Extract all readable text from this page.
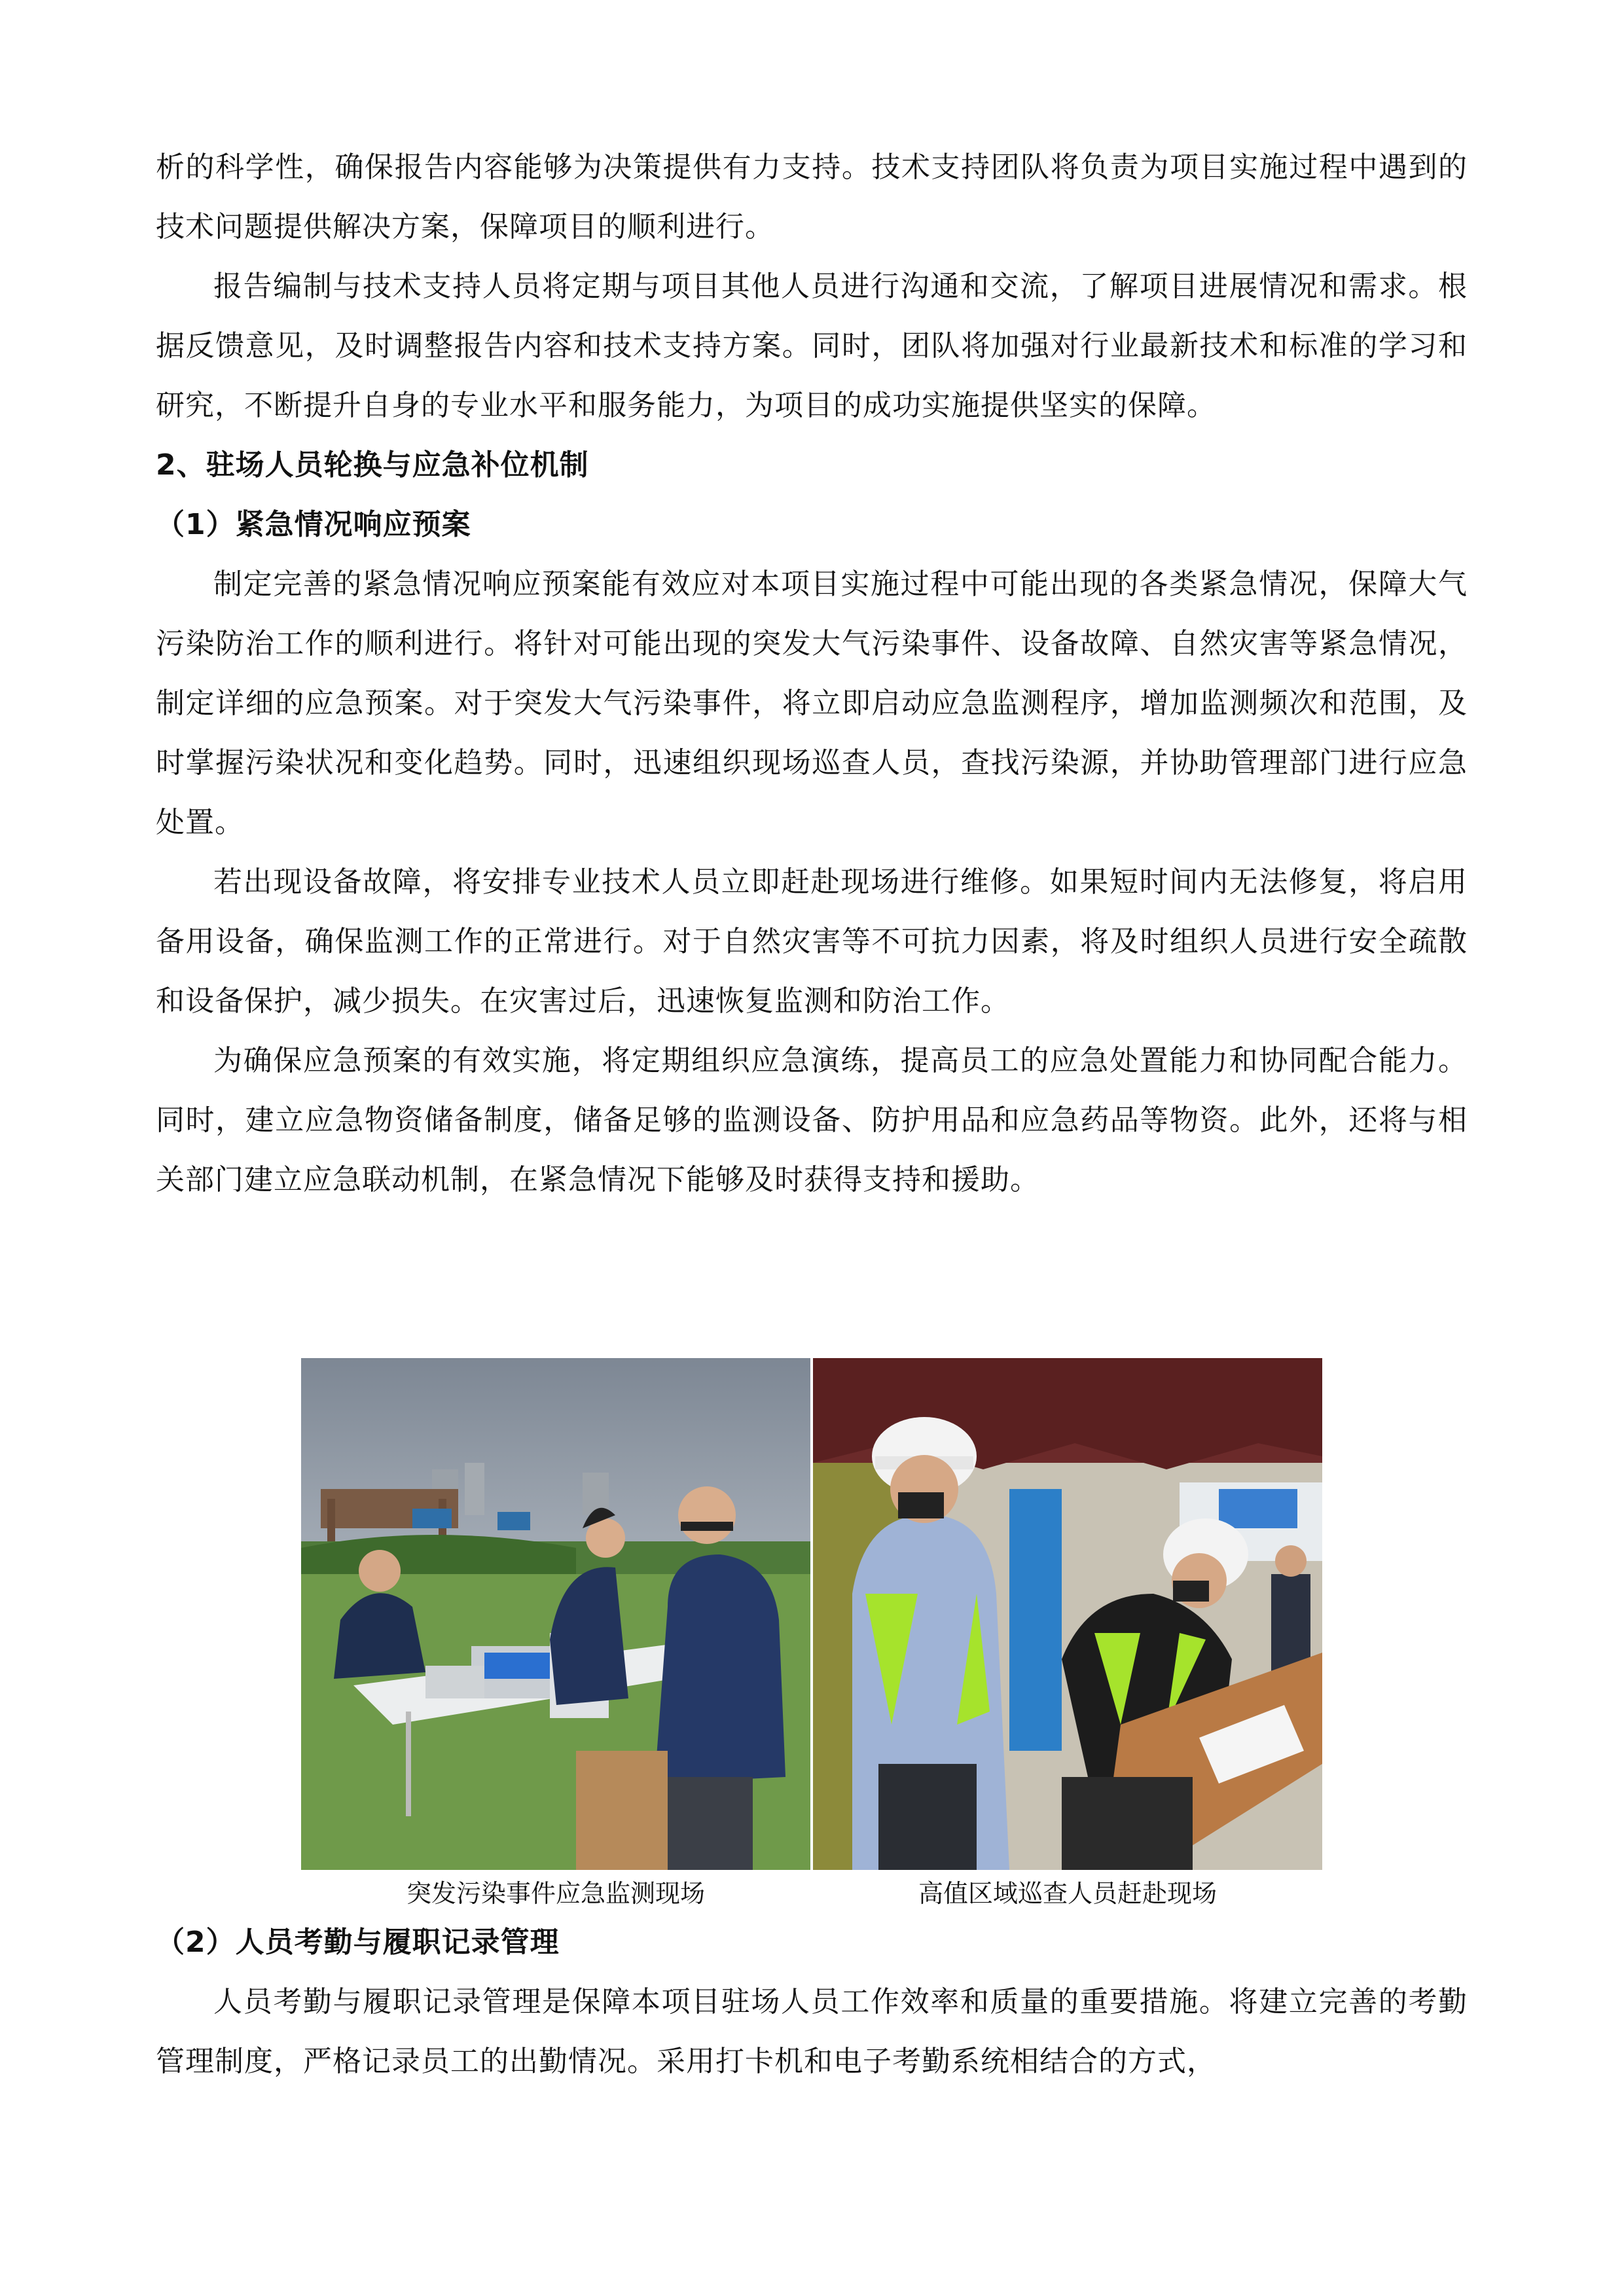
析的科学性，确保报告内容能够为决策提供有力支持。技术支持团队将负责为项目实施过程中遇到的技术问题提供解决方案，保障项目的顺利进行。

报告编制与技术支持人员将定期与项目其他人员进行沟通和交流，了解项目进展情况和需求。根据反馈意见，及时调整报告内容和技术支持方案。同时，团队将加强对行业最新技术和标准的学习和研究，不断提升自身的专业水平和服务能力，为项目的成功实施提供坚实的保障。

2、驻场人员轮换与应急补位机制
（1）紧急情况响应预案

制定完善的紧急情况响应预案能有效应对本项目实施过程中可能出现的各类紧急情况，保障大气污染防治工作的顺利进行。将针对可能出现的突发大气污染事件、设备故障、自然灾害等紧急情况，制定详细的应急预案。对于突发大气污染事件，将立即启动应急监测程序，增加监测频次和范围，及时掌握污染状况和变化趋势。同时，迅速组织现场巡查人员，查找污染源，并协助管理部门进行应急处置。

若出现设备故障，将安排专业技术人员立即赶赴现场进行维修。如果短时间内无法修复，将启用备用设备，确保监测工作的正常进行。对于自然灾害等不可抗力因素，将及时组织人员进行安全疏散和设备保护，减少损失。在灾害过后，迅速恢复监测和防治工作。

为确保应急预案的有效实施，将定期组织应急演练，提高员工的应急处置能力和协同配合能力。同时，建立应急物资储备制度，储备足够的监测设备、防护用品和应急药品等物资。此外，还将与相关部门建立应急联动机制，在紧急情况下能够及时获得支持和援助。

突发污染事件应急监测现场	高值区域巡查人员赶赴现场
（2）人员考勤与履职记录管理

人员考勤与履职记录管理是保障本项目驻场人员工作效率和质量的重要措施。将建立完善的考勤管理制度，严格记录员工的出勤情况。采用打卡机和电子考勤系统相结合的方式，
